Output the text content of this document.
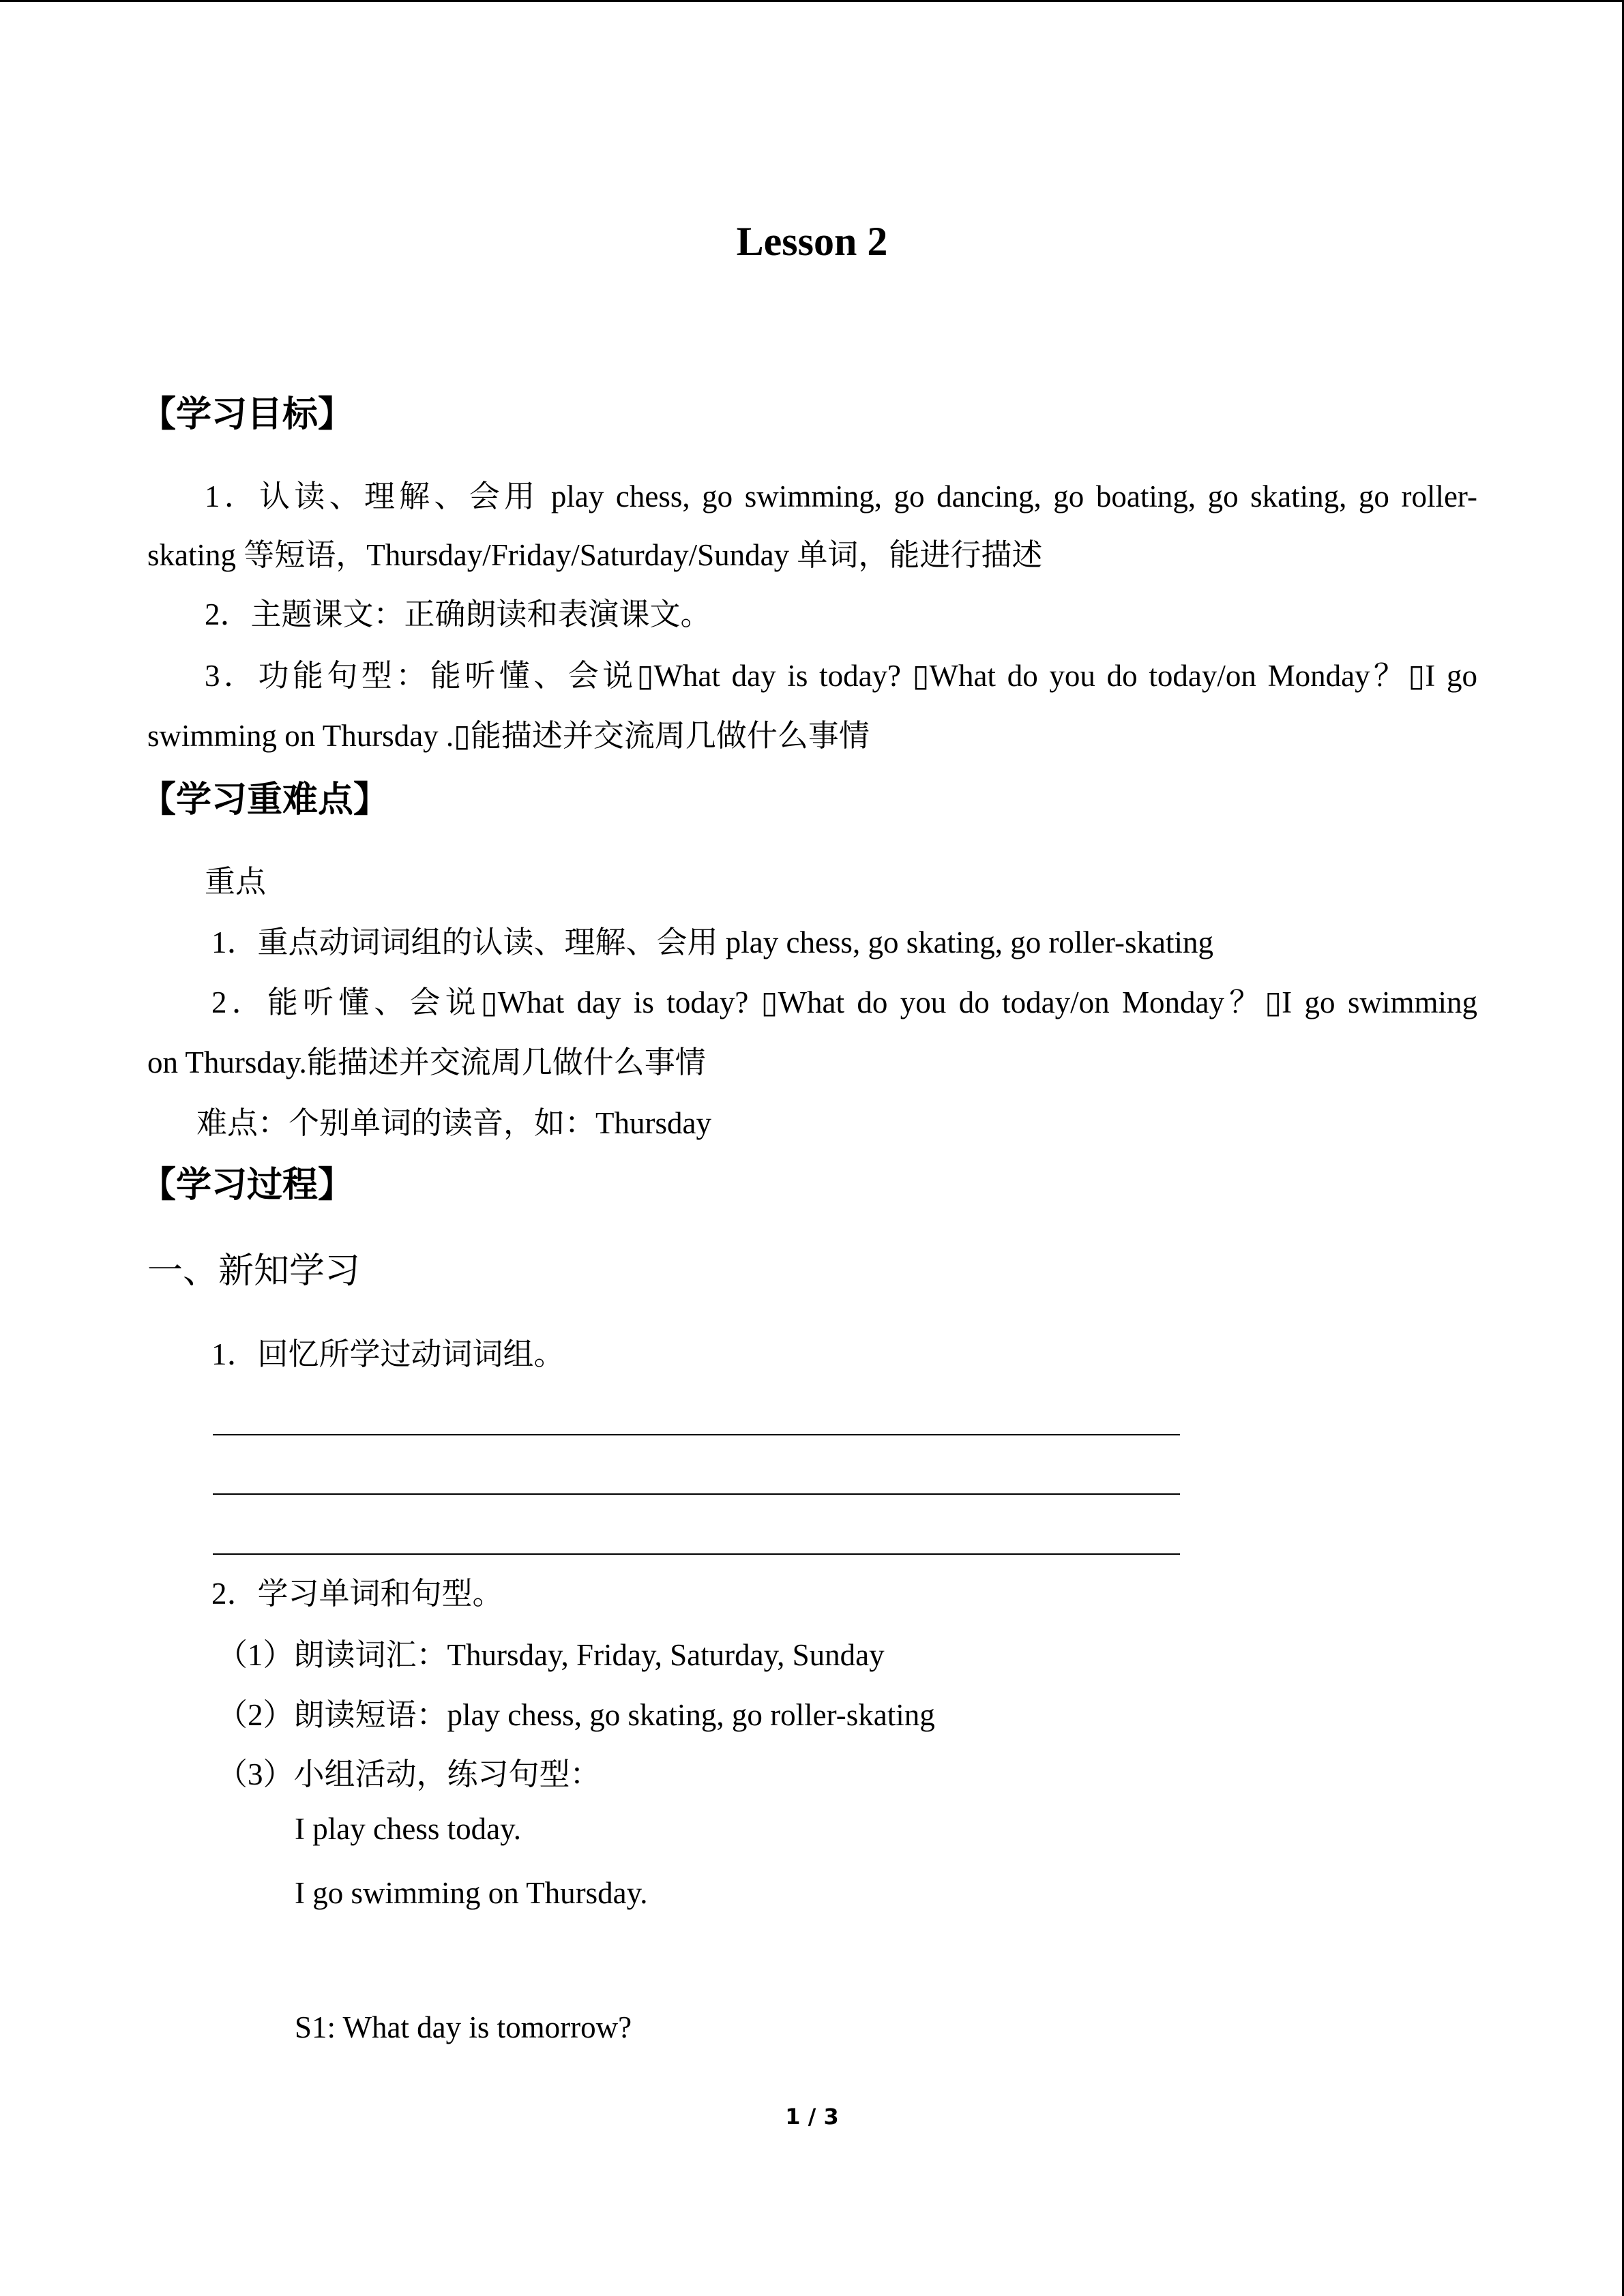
Lesson 2
【学习目标】
1．认读、理解、会用 play chess, go swimming, go dancing, go boating, go skating, go roller-
skating 等短语，Thursday/Friday/Saturday/Sunday 单词，能进行描述
2．主题课文：正确朗读和表演课文。
3．功能句型：能听懂、会说▯What day is today? ▯What do you do today/on Monday？▯I go
swimming on Thursday .▯能描述并交流周几做什么事情
【学习重难点】
重点
1．重点动词词组的认读、理解、会用 play chess, go skating, go roller-skating
2．能听懂、会说▯What day is today? ▯What do you do today/on Monday？▯I go swimming
on Thursday.能描述并交流周几做什么事情
难点：个别单词的读音，如：Thursday
【学习过程】
一、新知学习
1．回忆所学过动词词组。
2．学习单词和句型。
（1）朗读词汇：Thursday, Friday, Saturday, Sunday
（2）朗读短语：play chess, go skating, go roller-skating
（3）小组活动，练习句型：
I play chess today.
I go swimming on Thursday.
S1: What day is tomorrow?
1 / 3
